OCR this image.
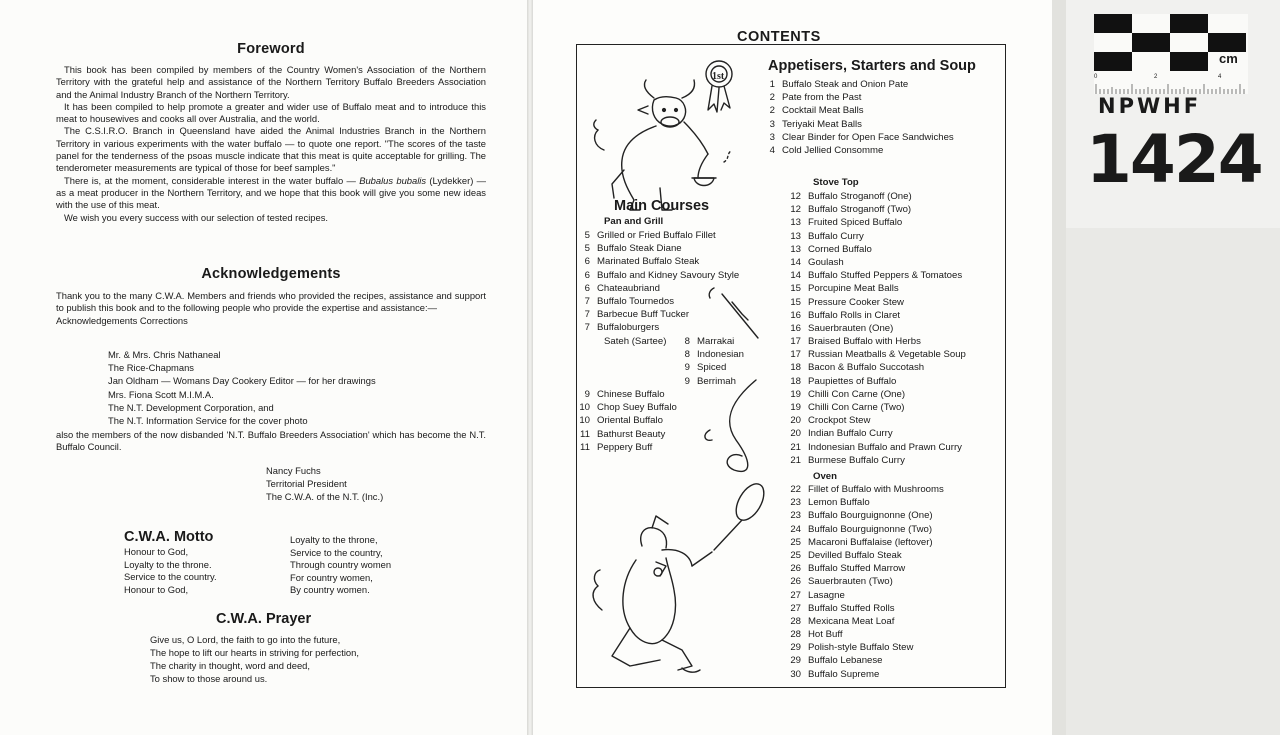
Foreword

This book has been compiled by members of the Country Women's Association of the Northern Territory with the grateful help and assistance of the Northern Territory Buffalo Breeders Association and the Animal Industry Branch of the Northern Territory.

It has been compiled to help promote a greater and wider use of Buffalo meat and to introduce this meat to housewives and cooks all over Australia, and the world.

The C.S.I.R.O. Branch in Queensland have aided the Animal Industries Branch in the Northern Territory in various experiments with the water buffalo — to quote one report. "The scores of the taste panel for the tenderness of the psoas muscle indicate that this meat is quite acceptable for grilling. The tenderometer measurements are typical of those for beef samples."

There is, at the moment, considerable interest in the water buffalo — Bubalus bubalis (Lydekker) — as a meat producer in the Northern Territory, and we hope that this book will give you some new ideas with the use of this meat.

We wish you every success with our selection of tested recipes.

Acknowledgements

Thank you to the many C.W.A. Members and friends who provided the recipes, assistance and support to publish this book and to the following people who provide the expertise and assistance:—

Acknowledgements Corrections

Mr. & Mrs. Chris Nathaneal
The Rice-Chapmans
Jan Oldham — Womans Day Cookery Editor — for her drawings
Mrs. Fiona Scott M.I.M.A.
The N.T. Development Corporation, and
The N.T. Information Service for the cover photo

also the members of the now disbanded 'N.T. Buffalo Breeders Association' which has become the N.T. Buffalo Council.

Nancy Fuchs
Territorial President
The C.W.A. of the N.T. (Inc.)
C.W.A. Motto
Honour to God,
Loyalty to the throne.
Service to the country.
Honour to God,
Loyalty to the throne,
Service to the country,
Through country women
For country women,
By country women.
C.W.A. Prayer
Give us, O Lord, the faith to go into the future,
The hope to lift our hearts in striving for perfection,
The charity in thought, word and deed,
To show to those around us.
CONTENTS
1st
Appetisers, Starters and Soup
1 Buffalo Steak and Onion Pate
2 Pate from the Past
2 Cocktail Meat Balls
3 Teriyaki Meat Balls
3 Clear Binder for Open Face Sandwiches
4 Cold Jellied Consomme
Main Courses
Pan and Grill
5 Grilled or Fried Buffalo Fillet
5 Buffalo Steak Diane
6 Marinated Buffalo Steak
6 Buffalo and Kidney Savoury Style
6 Chateaubriand
7 Buffalo Tournedos
7 Barbecue Buff Tucker
7 Buffaloburgers
Sateh (Sartee)	8 Marrakai
8 Indonesian
9 Spiced
9 Berrimah
9 Chinese Buffalo
10 Chop Suey Buffalo
10 Oriental Buffalo
11 Bathurst Beauty
11 Peppery Buff
Stove Top
12 Buffalo Stroganoff (One)
12 Buffalo Stroganoff (Two)
13 Fruited Spiced Buffalo
13 Buffalo Curry
13 Corned Buffalo
14 Goulash
14 Buffalo Stuffed Peppers & Tomatoes
15 Porcupine Meat Balls
15 Pressure Cooker Stew
16 Buffalo Rolls in Claret
16 Sauerbrauten (One)
17 Braised Buffalo with Herbs
17 Russian Meatballs & Vegetable Soup
18 Bacon & Buffalo Succotash
18 Paupiettes of Buffalo
19 Chilli Con Carne (One)
19 Chilli Con Carne (Two)
20 Crockpot Stew
20 Indian Buffalo Curry
21 Indonesian Buffalo and Prawn Curry
21 Burmese Buffalo Curry
Oven
22 Fillet of Buffalo with Mushrooms
23 Lemon Buffalo
23 Buffalo Bourguignonne (One)
24 Buffalo Bourguignonne (Two)
25 Macaroni Buffalaise (leftover)
25 Devilled Buffalo Steak
26 Buffalo Stuffed Marrow
26 Sauerbrauten (Two)
27 Lasagne
27 Buffalo Stuffed Rolls
28 Mexicana Meat Loaf
28 Hot Buff
29 Polish-style Buffalo Stew
29 Buffalo Lebanese
30 Buffalo Supreme
cm
0	2	4
NPWHF
1424
